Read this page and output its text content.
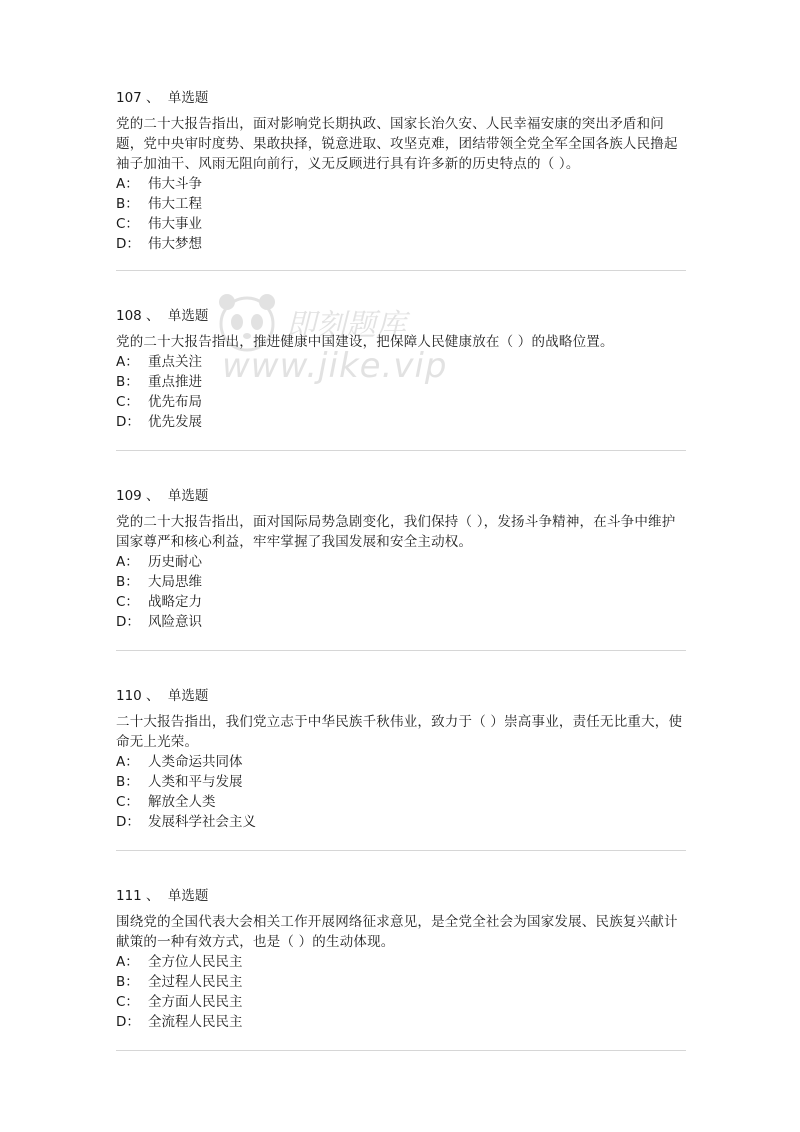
即刻题库
www.jike.vip
107 、 单选题
党的二十大报告指出，面对影响党长期执政、国家长治久安、人民幸福安康的突出矛盾和问题，党中央审时度势、果敢抉择，锐意进取、攻坚克难，团结带领全党全军全国各族人民撸起袖子加油干、风雨无阻向前行，义无反顾进行具有许多新的历史特点的（ ）。
A： 伟大斗争
B： 伟大工程
C： 伟大事业
D： 伟大梦想
108 、 单选题
党的二十大报告指出，推进健康中国建设，把保障人民健康放在（ ）的战略位置。
A： 重点关注
B： 重点推进
C： 优先布局
D： 优先发展
109 、 单选题
党的二十大报告指出，面对国际局势急剧变化，我们保持（ ），发扬斗争精神，在斗争中维护国家尊严和核心利益，牢牢掌握了我国发展和安全主动权。
A： 历史耐心
B： 大局思维
C： 战略定力
D： 风险意识
110 、 单选题
二十大报告指出，我们党立志于中华民族千秋伟业，致力于（ ）崇高事业，责任无比重大，使命无上光荣。
A： 人类命运共同体
B： 人类和平与发展
C： 解放全人类
D： 发展科学社会主义
111 、 单选题
围绕党的全国代表大会相关工作开展网络征求意见，是全党全社会为国家发展、民族复兴献计献策的一种有效方式，也是（ ）的生动体现。
A： 全方位人民民主
B： 全过程人民民主
C： 全方面人民民主
D： 全流程人民民主
